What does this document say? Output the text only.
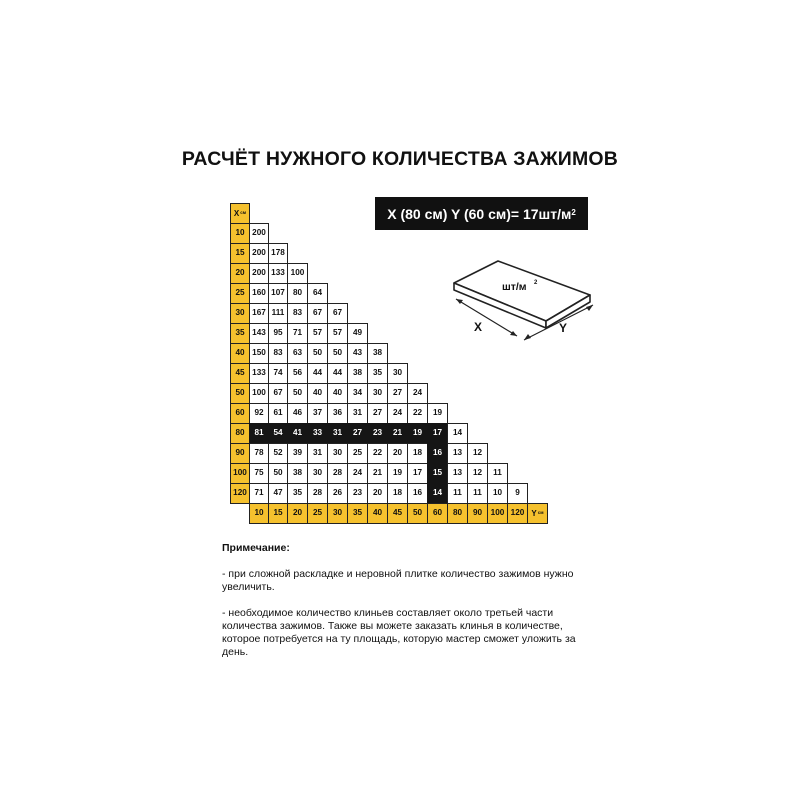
РАСЧЁТ НУЖНОГО КОЛИЧЕСТВА ЗАЖИМОВ
X (80 см) Y (60 $см)= 17шт/м^2$
шт/м 2
X	Y
X см
10 200
15 200 178
20 200 133 100
25 160 107 80	64
30 167 111	83	67	67
35 143 95	71	57	57	49
40 150 83	63	50	50	43	38
45 133 74	56	44	44	38	35	30
50 100 67	50	40	40	34	30	27	24
60	92	61	46	37	36	31	27	24	22	19
80	81	54	41	33	31	27	23	21	19	17	14
90	78	52	39	31	30	25	22	20	18	16	13	12
100 75	50	38	30	28	24	21	19	17	15	13	12	11
120 71	47	35	28	26	23	20	18	16	14	11	11	10	9
10	15	20	25	30	35	40	45	50	60	80	90	100 120 Y см
Примечание:

- при сложной раскладке и неровной плитке количество зажимов нужно увеличить.

- необходимое количество клиньев составляет около третьей части количества зажимов. Также вы можете заказать клинья в количестве, которое потребуется на ту площадь, которую мастер сможет уложить за день.
